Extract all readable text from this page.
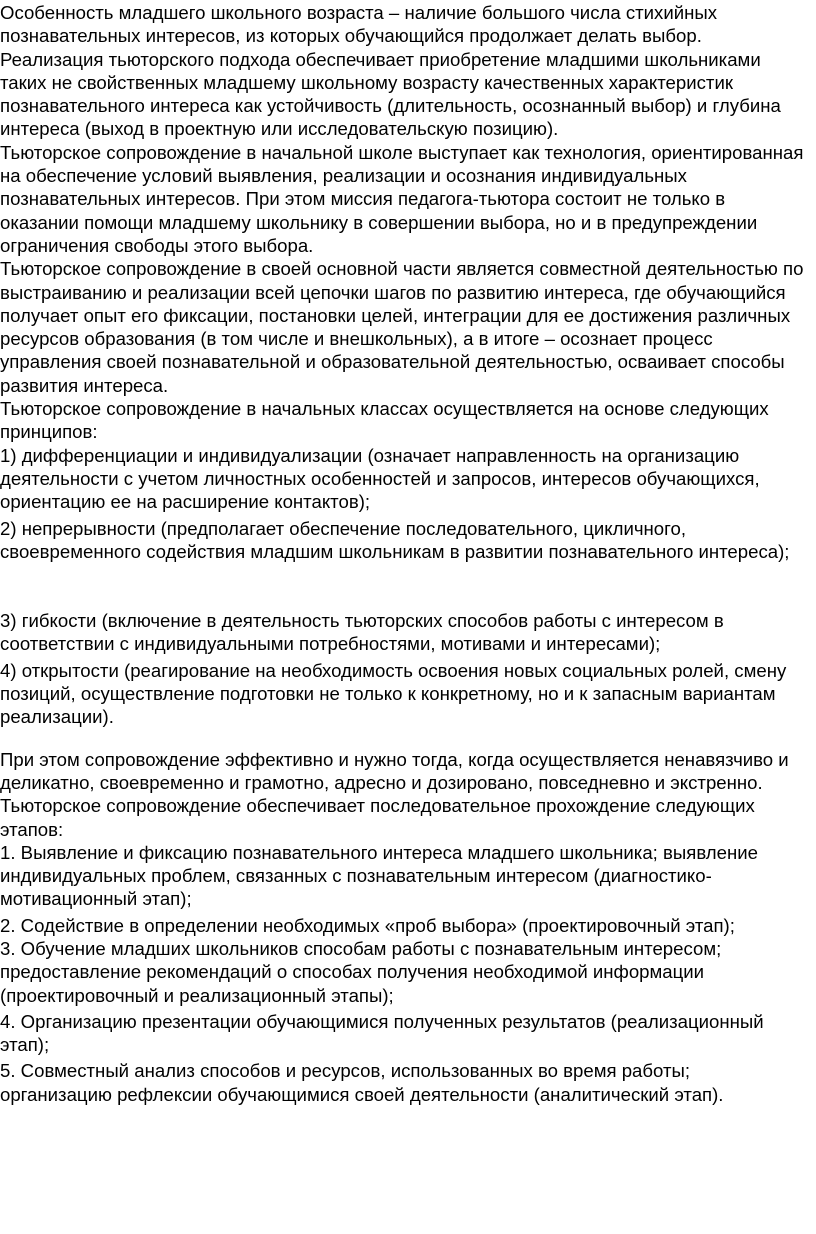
Особенность младшего школьного возраста – наличие большого числа стихийных познавательных интересов, из которых обучающийся продолжает делать выбор. Реализация тьюторского подхода обеспечивает приобретение младшими школьниками таких не свойственных младшему школьному возрасту качественных характеристик познавательного интереса как устойчивость (длительность, осознанный выбор) и глубина интереса (выход в проектную или исследовательскую позицию).

Тьюторское сопровождение в начальной школе выступает как технология, ориентированная на обеспечение условий выявления, реализации и осознания индивидуальных познавательных интересов. При этом миссия педагога-тьютора состоит не только в оказании помощи младшему школьнику в совершении выбора, но и в предупреждении ограничения свободы этого выбора.

Тьюторское сопровождение в своей основной части является совместной деятельностью по выстраиванию и реализации всей цепочки шагов по развитию интереса, где обучающийся получает опыт его фиксации, постановки целей, интеграции для ее достижения различных ресурсов образования (в том числе и внешкольных), а в итоге – осознает процесс управления своей познавательной и образовательной деятельностью, осваивает способы развития интереса.

Тьюторское сопровождение в начальных классах осуществляется на основе следующих принципов:

1) дифференциации и индивидуализации (означает направленность на организацию деятельности с учетом личностных особенностей и запросов, интересов обучающихся, ориентацию ее на расширение контактов);

2) непрерывности (предполагает обеспечение последовательного, цикличного, своевременного содействия младшим школьникам в развитии познавательного интереса);

3) гибкости (включение в деятельность тьюторских способов работы с интересом в соответствии с индивидуальными потребностями, мотивами и интересами);

4) открытости (реагирование на необходимость освоения новых социальных ролей, смену позиций, осуществление подготовки не только к конкретному, но и к запасным вариантам реализации).

При этом сопровождение эффективно и нужно тогда, когда осуществляется ненавязчиво и деликатно, своевременно и грамотно, адресно и дозировано, повседневно и экстренно.

Тьюторское сопровождение обеспечивает последовательное прохождение следующих этапов:

1. Выявление и фиксацию познавательного интереса младшего школьника; выявление индивидуальных проблем, связанных с познавательным интересом (диагностико-мотивационный этап);

2. Содействие в определении необходимых «проб выбора» (проектировочный этап);

3. Обучение младших школьников способам работы с познавательным интересом; предоставление рекомендаций о способах получения необходимой информации (проектировочный и реализационный этапы);

4. Организацию презентации обучающимися полученных результатов (реализационный этап);

5. Совместный анализ способов и ресурсов, использованных во время работы; организацию рефлексии обучающимися своей деятельности (аналитический этап).
